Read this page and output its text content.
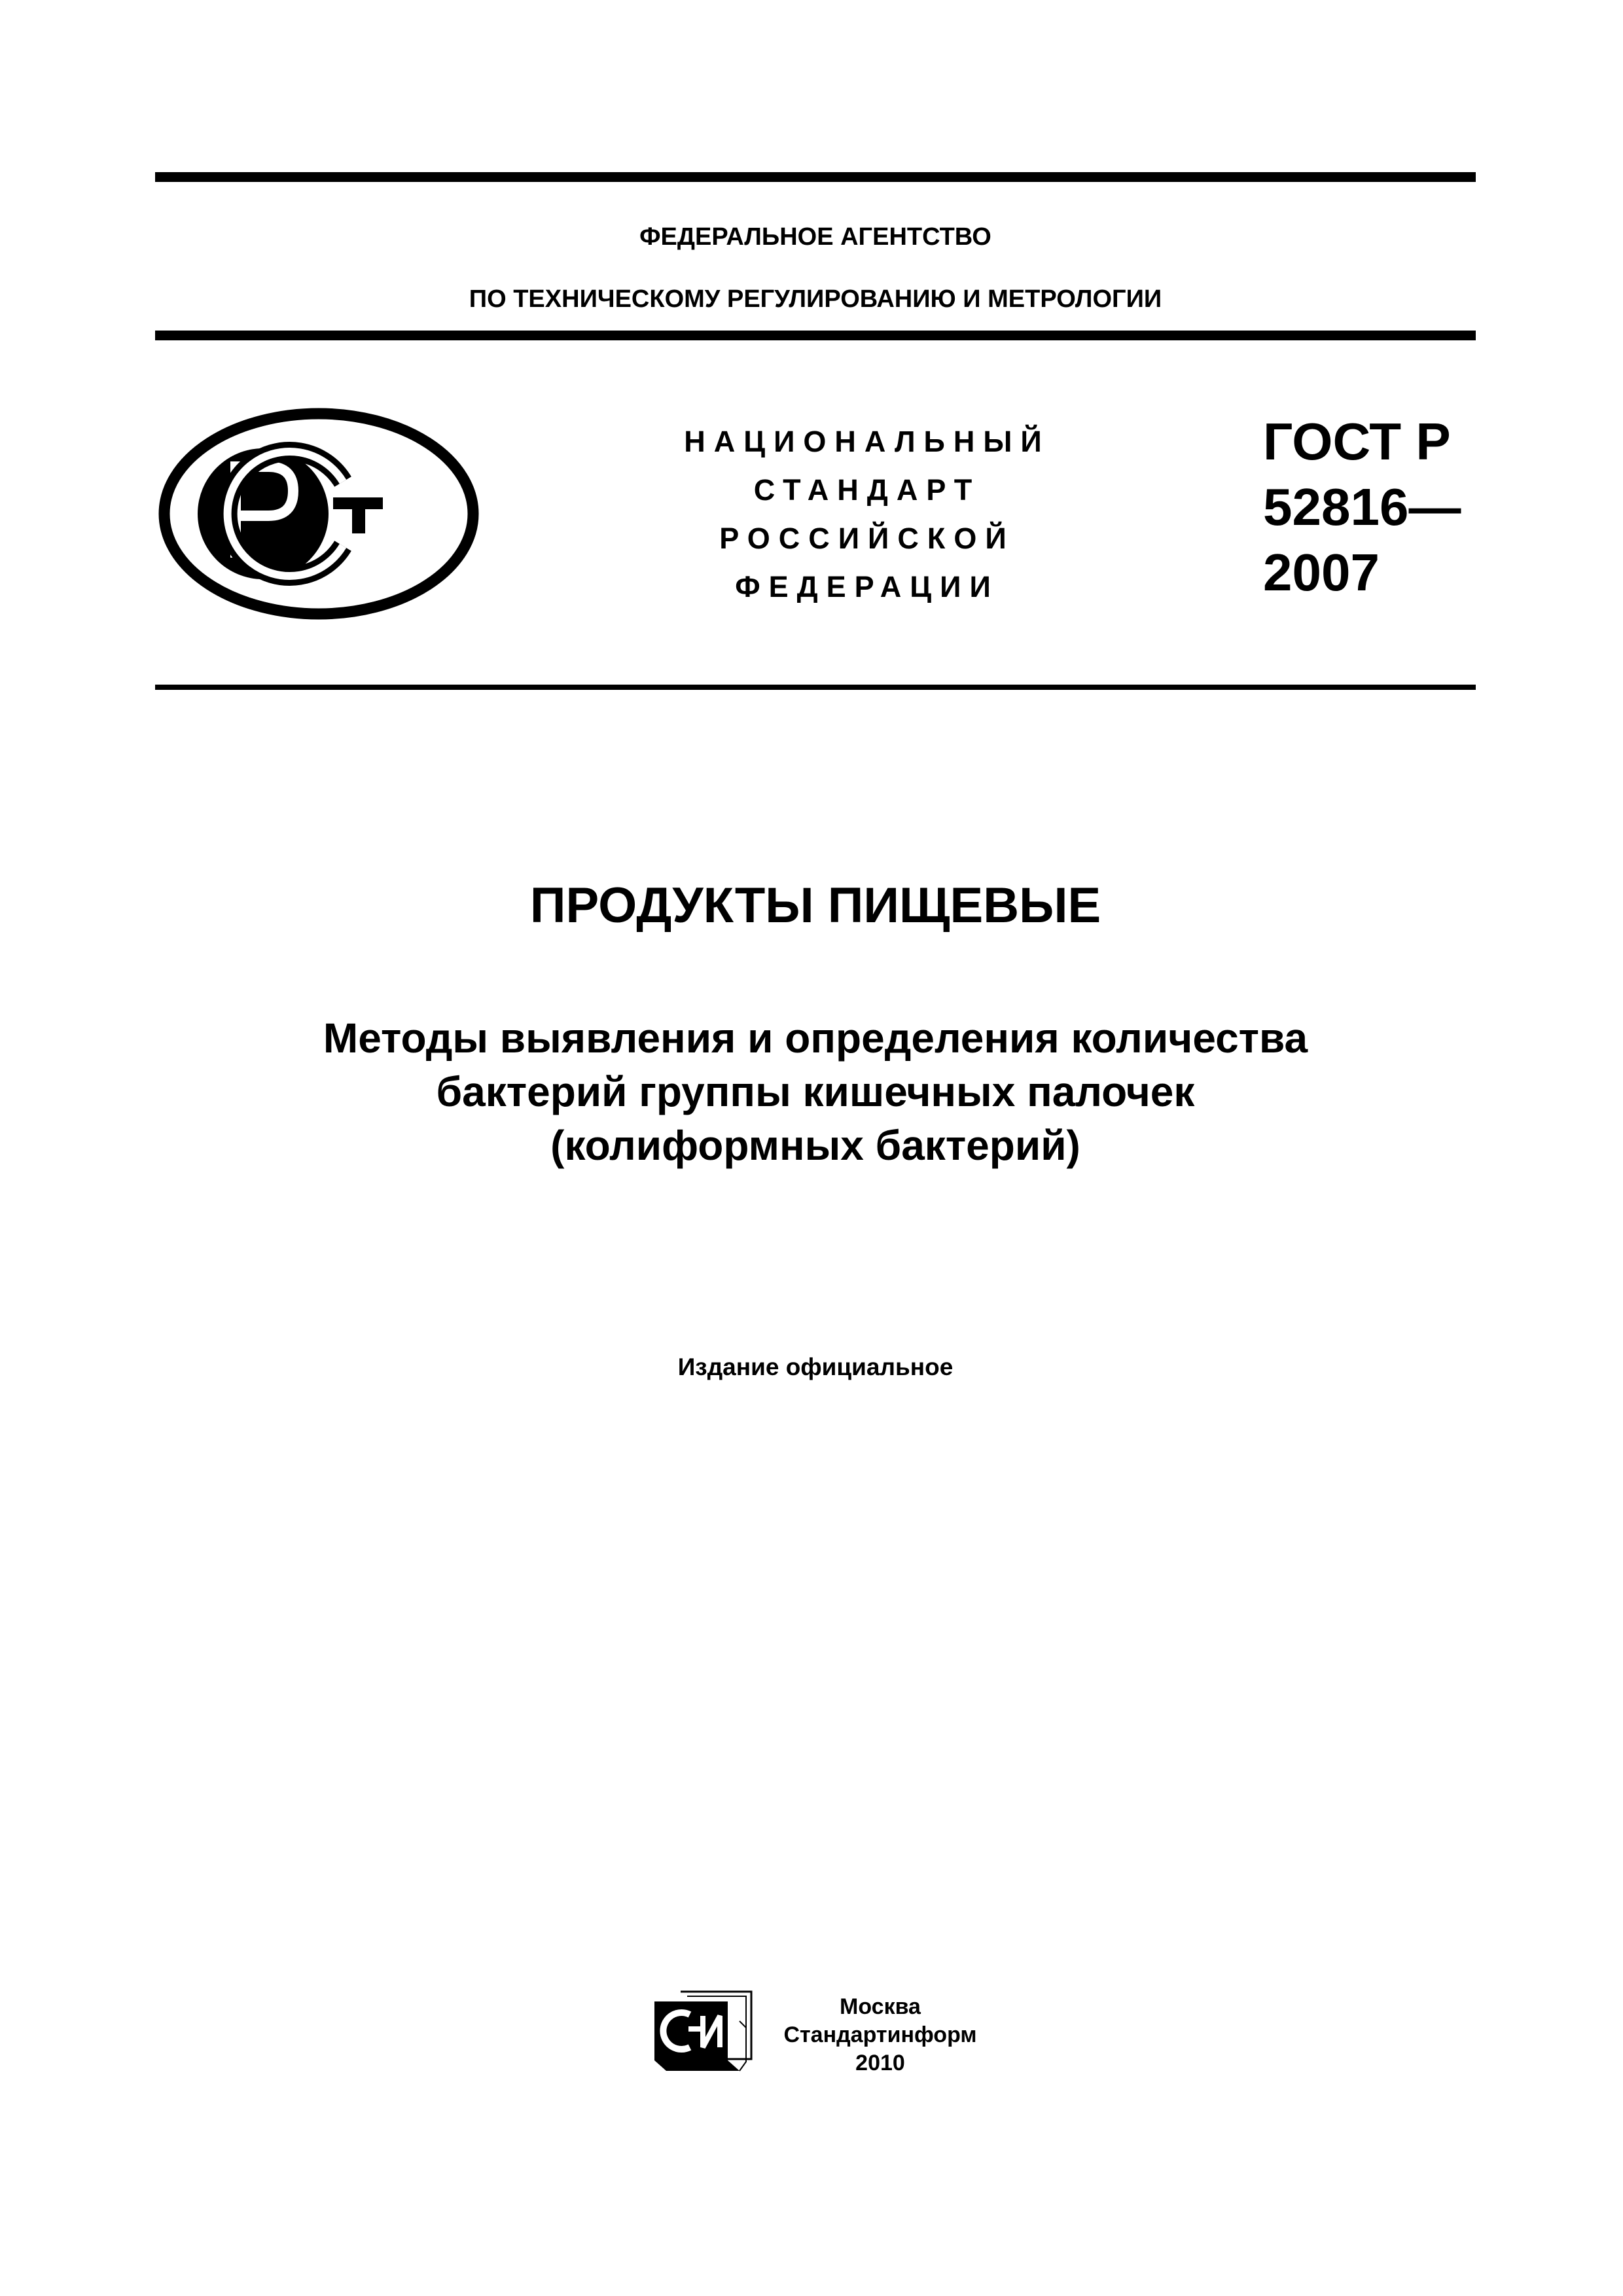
ФЕДЕРАЛЬНОЕ АГЕНТСТВО
ПО ТЕХНИЧЕСКОМУ РЕГУЛИРОВАНИЮ И МЕТРОЛОГИИ
НАЦИОНАЛЬНЫЙ
СТАНДАРТ
РОССИЙСКОЙ
ФЕДЕРАЦИИ
ГОСТ Р
52816—
2007
ПРОДУКТЫ ПИЩЕВЫЕ
Методы выявления и определения количества
бактерий группы кишечных палочек
(колиформных бактерий)
Издание официальное
Москва
Стандартинформ
2010
